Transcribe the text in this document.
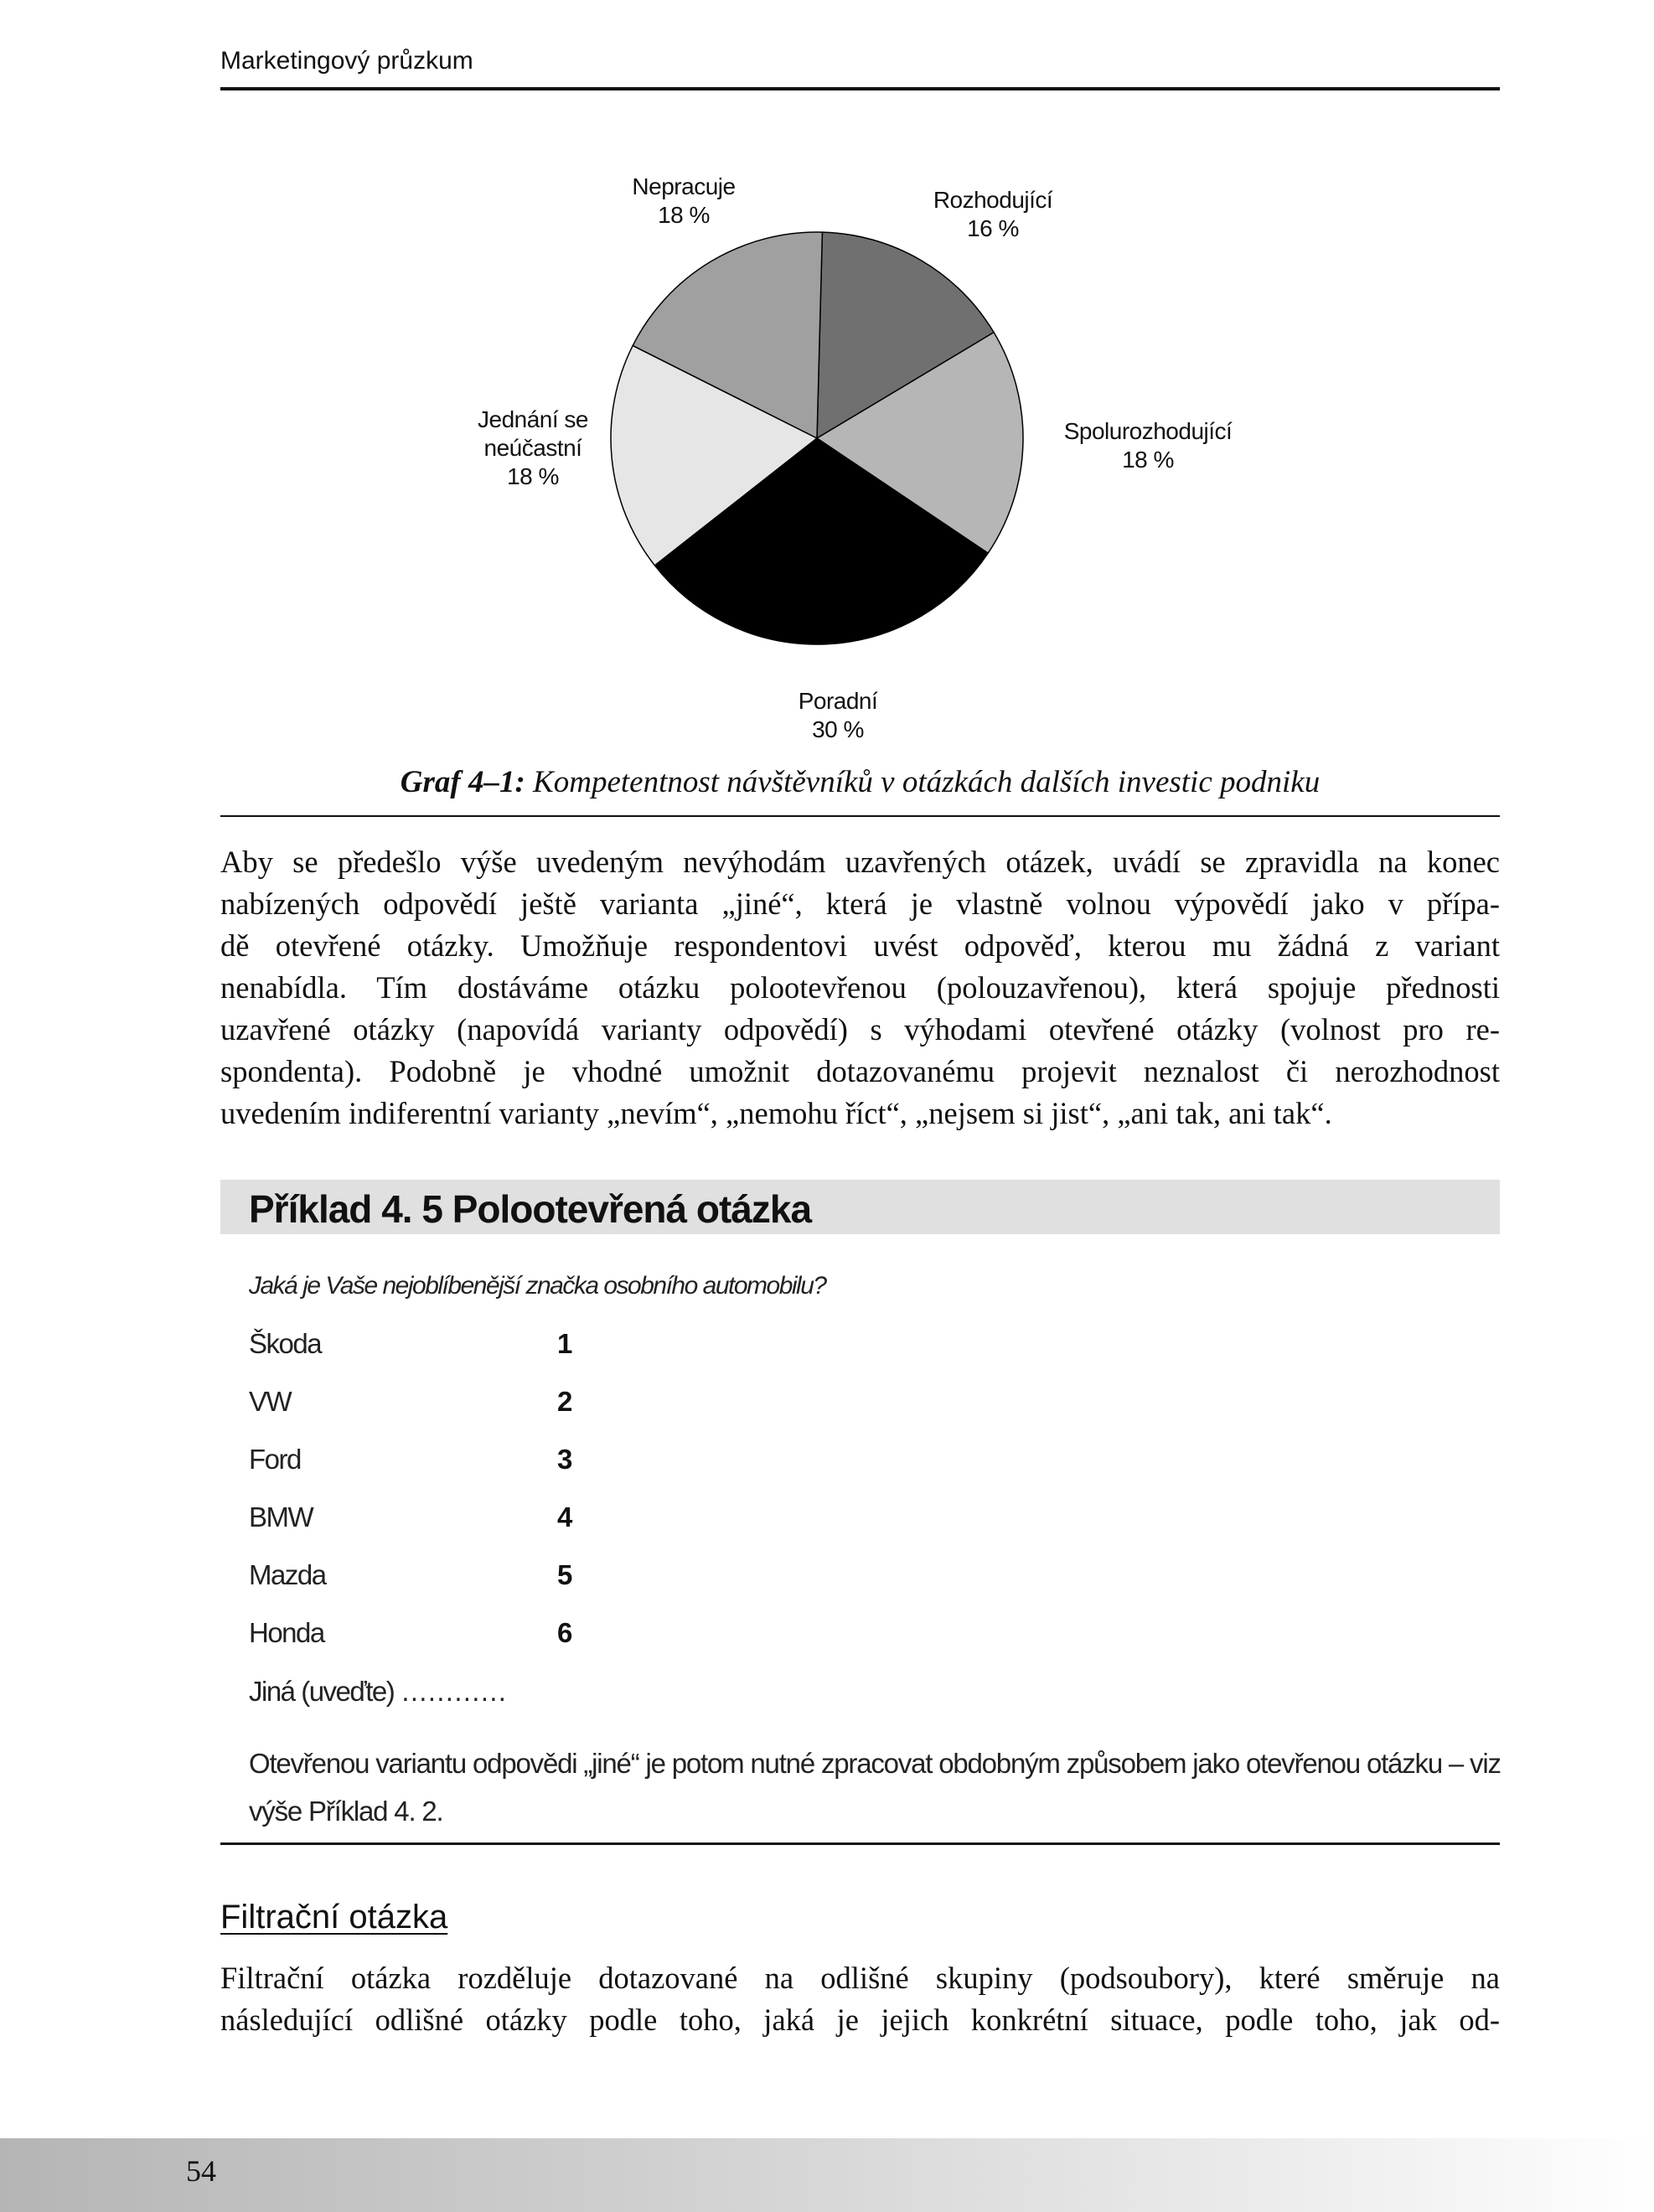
Marketingový průzkum
Nepracuje
18 %
Rozhodující
16 %
Spolurozhodující
18 %
Jednání se
neúčastní
18 %
Poradní
30 %
Graf 4–1: Kompetentnost návštěvníků v otázkách dalších investic podniku
Aby se předešlo výše uvedeným nevýhodám uzavřených otázek, uvádí se zpravidla na konec
nabízených odpovědí ještě varianta „jiné“, která je vlastně volnou výpovědí jako v přípa-
dě otevřené otázky. Umožňuje respondentovi uvést odpověď, kterou mu žádná z variant
nenabídla. Tím dostáváme otázku polootevřenou (polouzavřenou), která spojuje přednosti
uzavřené otázky (napovídá varianty odpovědí) s výhodami otevřené otázky (volnost pro re-
spondenta). Podobně je vhodné umožnit dotazovanému projevit neznalost či nerozhodnost
uvedením indiferentní varianty „nevím“, „nemohu říct“, „nejsem si jist“, „ani tak, ani tak“.
Příklad 4. 5 Polootevřená otázka
Jaká je Vaše nejoblíbenější značka osobního automobilu?
Škoda	1
VW	2
Ford	3
BMW	4
Mazda	5
Honda	6
Jiná (uveďte) …………
Otevřenou variantu odpovědi „jiné“ je potom nutné zpracovat obdobným způsobem jako otevřenou otázku – viz
výše Příklad 4. 2.
Filtrační otázka
Filtrační otázka rozděluje dotazované na odlišné skupiny (podsoubory), které směruje na
následující odlišné otázky podle toho, jaká je jejich konkrétní situace, podle toho, jak od-
54
